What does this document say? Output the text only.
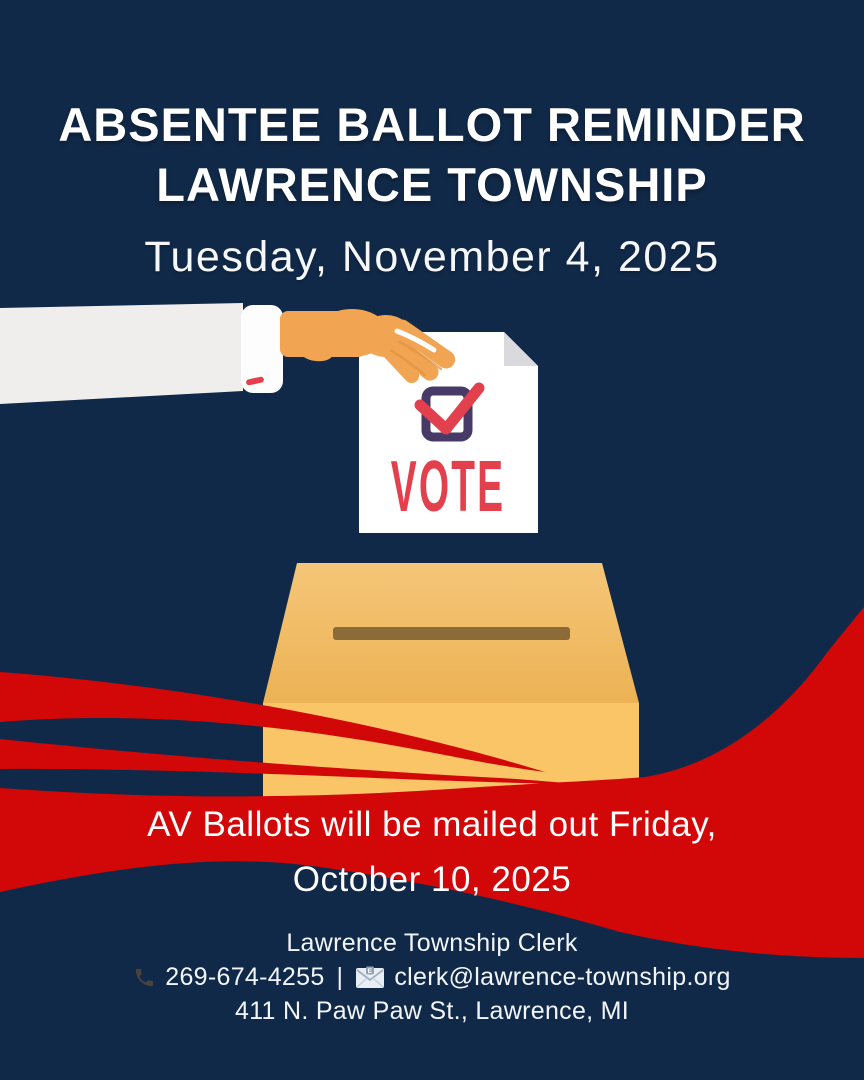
VOTE
ABSENTEE BALLOT REMINDER
LAWRENCE TOWNSHIP
Tuesday, November 4, 2025
AV Ballots will be mailed out Friday,
October 10, 2025
Lawrence Township Clerk
269-674-4255 |	E clerk@lawrence-township.org
411 N. Paw Paw St., Lawrence, MI
